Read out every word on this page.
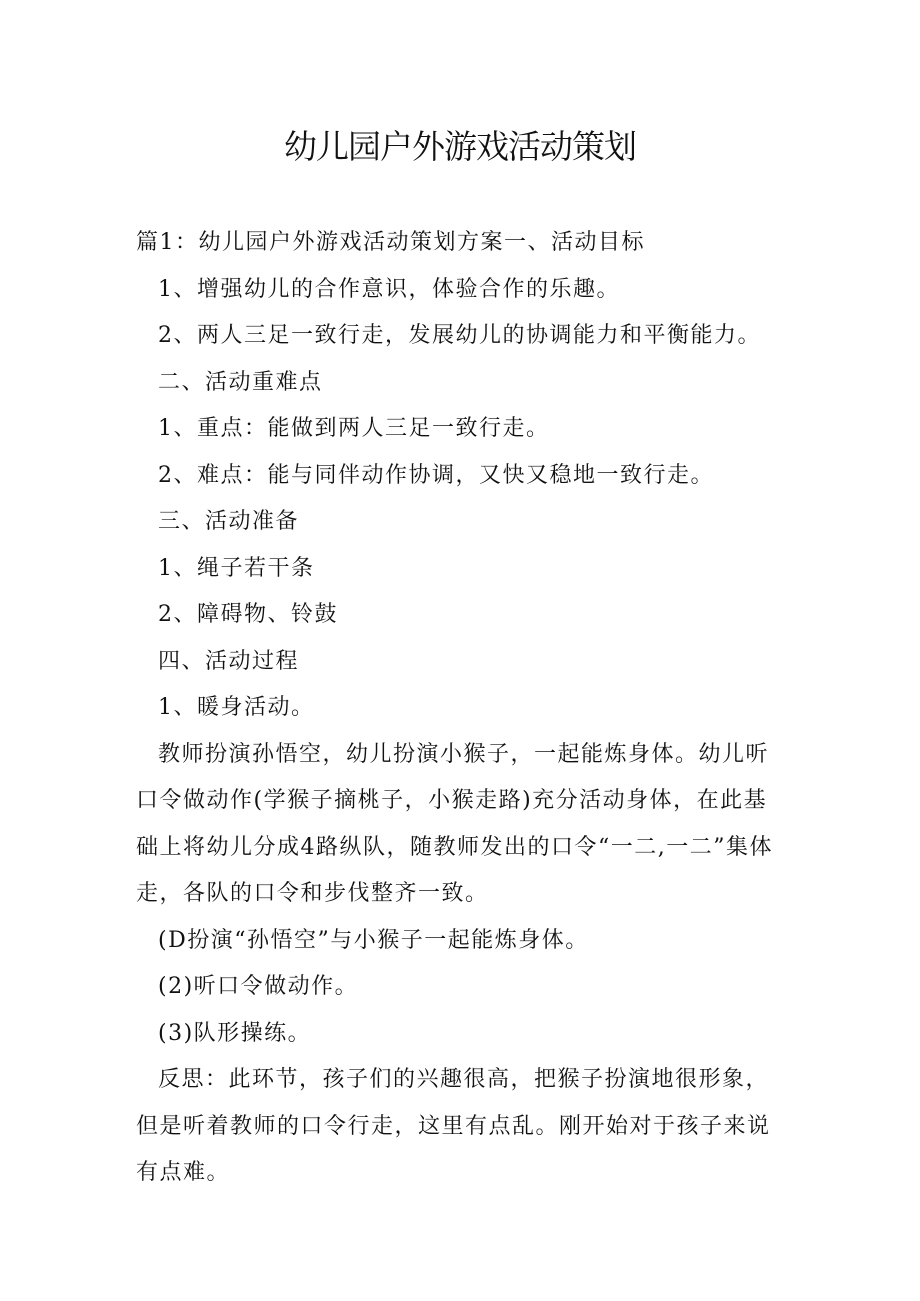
幼儿园户外游戏活动策划

篇1：幼儿园户外游戏活动策划方案一、活动目标

1、增强幼儿的合作意识，体验合作的乐趣。

2、两人三足一致行走，发展幼儿的协调能力和平衡能力。

二、活动重难点

1、重点：能做到两人三足一致行走。

2、难点：能与同伴动作协调，又快又稳地一致行走。

三、活动准备

1、绳子若干条

2、障碍物、铃鼓

四、活动过程

1、暖身活动。

教师扮演孙悟空，幼儿扮演小猴子，一起能炼身体。幼儿听口令做动作(学猴子摘桃子，小猴走路)充分活动身体，在此基础上将幼儿分成4路纵队，随教师发出的口令“一二,一二”集体走，各队的口令和步伐整齐一致。

(D扮演“孙悟空”与小猴子一起能炼身体。

(2)听口令做动作。

(3)队形操练。

反思：此环节，孩子们的兴趣很高，把猴子扮演地很形象，但是听着教师的口令行走，这里有点乱。刚开始对于孩子来说有点难。
